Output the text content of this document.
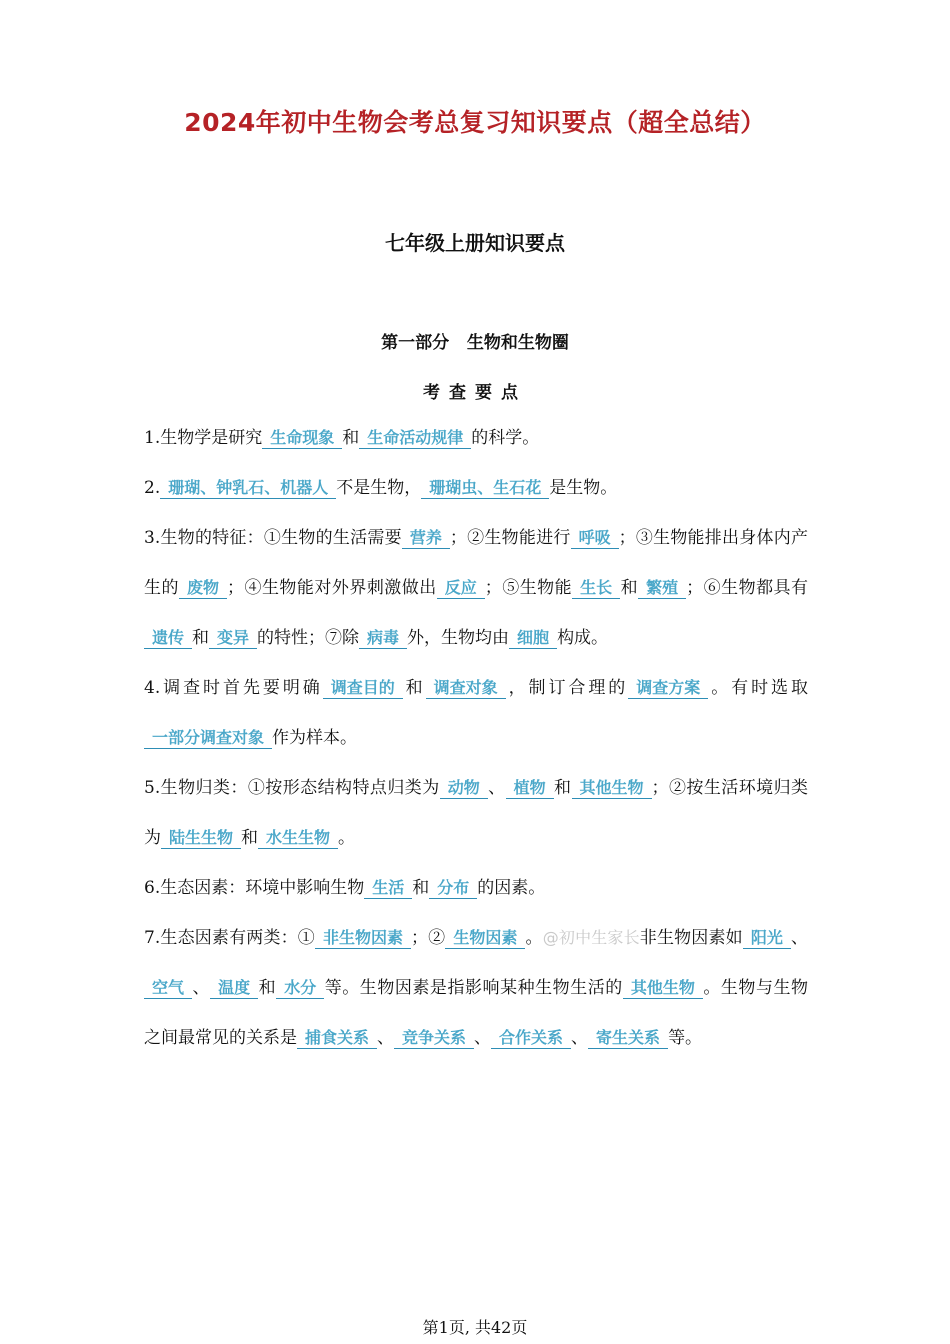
2024年初中生物会考总复习知识要点（超全总结）
七年级上册知识要点
第一部分   生物和生物圈
考查要点

1.生物学是研究 生命现象 和 生命活动规律 的科学。

2. 珊瑚、钟乳石、机器人 不是生物， 珊瑚虫、生石花 是生物。

3.生物的特征：①生物的生活需要 营养 ；②生物能进行 呼吸 ；③生物能排出身体内产生的 废物 ；④生物能对外界刺激做出 反应 ；⑤生物能 生长 和 繁殖 ；⑥生物都具有遗传 和 变异 的特性；⑦除 病毒 外，生物均由 细胞 构成。

4.调查时首先要明确 调查目的 和 调查对象 ，制订合理的 调查方案 。有时选取一部分调查对象 作为样本。

5.生物归类：①按形态结构特点归类为 动物 、 植物 和 其他生物 ；②按生活环境归类为 陆生生物 和 水生生物 。

6.生态因素：环境中影响生物 生活 和 分布 的因素。

7.生态因素有两类：① 非生物因素 ；② 生物因素 。@初中生家长非生物因素如 阳光 、空气 、 温度 和 水分 等。生物因素是指影响某种生物生活的 其他生物 。生物与生物之间最常见的关系是 捕食关系 、 竞争关系 、 合作关系 、 寄生关系 等。

第1页, 共42页
